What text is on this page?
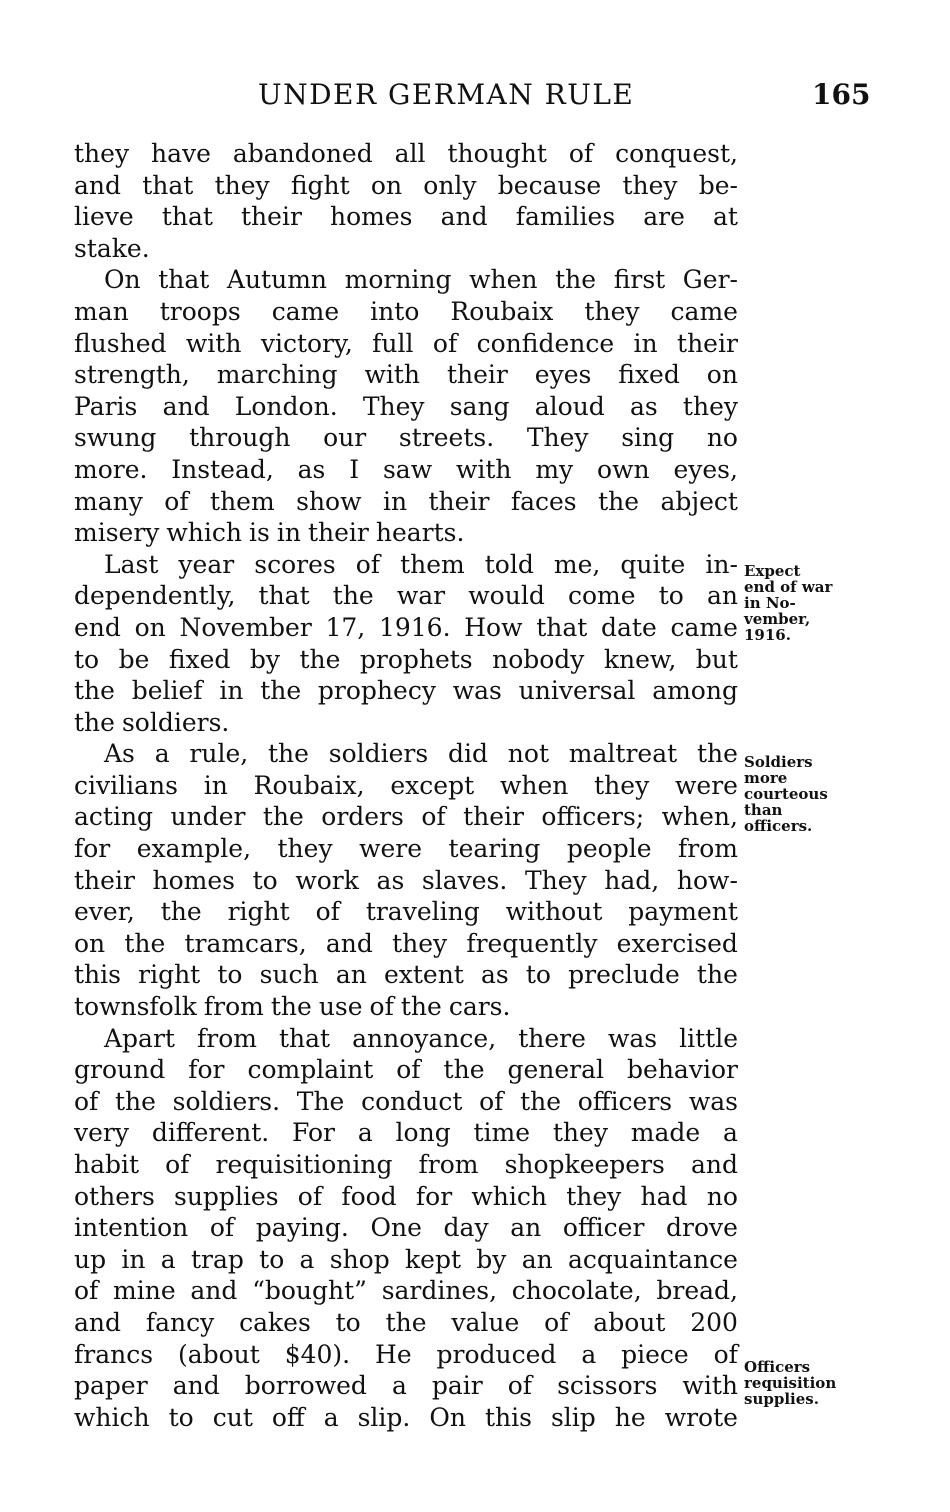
UNDER GERMAN RULE	165
they have abandoned all thought of conquest,
and that they fight on only because they be-
lieve that their homes and families are at
stake.
On that Autumn morning when the first Ger-
man troops came into Roubaix they came
flushed with victory, full of confidence in their
strength, marching with their eyes fixed on
Paris and London. They sang aloud as they
swung through our streets. They sing no
more. Instead, as I saw with my own eyes,
many of them show in their faces the abject
misery which is in their hearts.
Last year scores of them told me, quite in-
dependently, that the war would come to an
end on November 17, 1916. How that date came
to be fixed by the prophets nobody knew, but
the belief in the prophecy was universal among
the soldiers.
As a rule, the soldiers did not maltreat the
civilians in Roubaix, except when they were
acting under the orders of their officers; when,
for example, they were tearing people from
their homes to work as slaves. They had, how-
ever, the right of traveling without payment
on the tramcars, and they frequently exercised
this right to such an extent as to preclude the
townsfolk from the use of the cars.
Apart from that annoyance, there was little
ground for complaint of the general behavior
of the soldiers. The conduct of the officers was
very different. For a long time they made a
habit of requisitioning from shopkeepers and
others supplies of food for which they had no
intention of paying. One day an officer drove
up in a trap to a shop kept by an acquaintance
of mine and “bought” sardines, chocolate, bread,
and fancy cakes to the value of about 200
francs (about $40). He produced a piece of
paper and borrowed a pair of scissors with
which to cut off a slip. On this slip he wrote
Expect
end of war
in No-
vember,
1916.
Soldiers
more
courteous
than
officers.
Officers
requisition
supplies.
